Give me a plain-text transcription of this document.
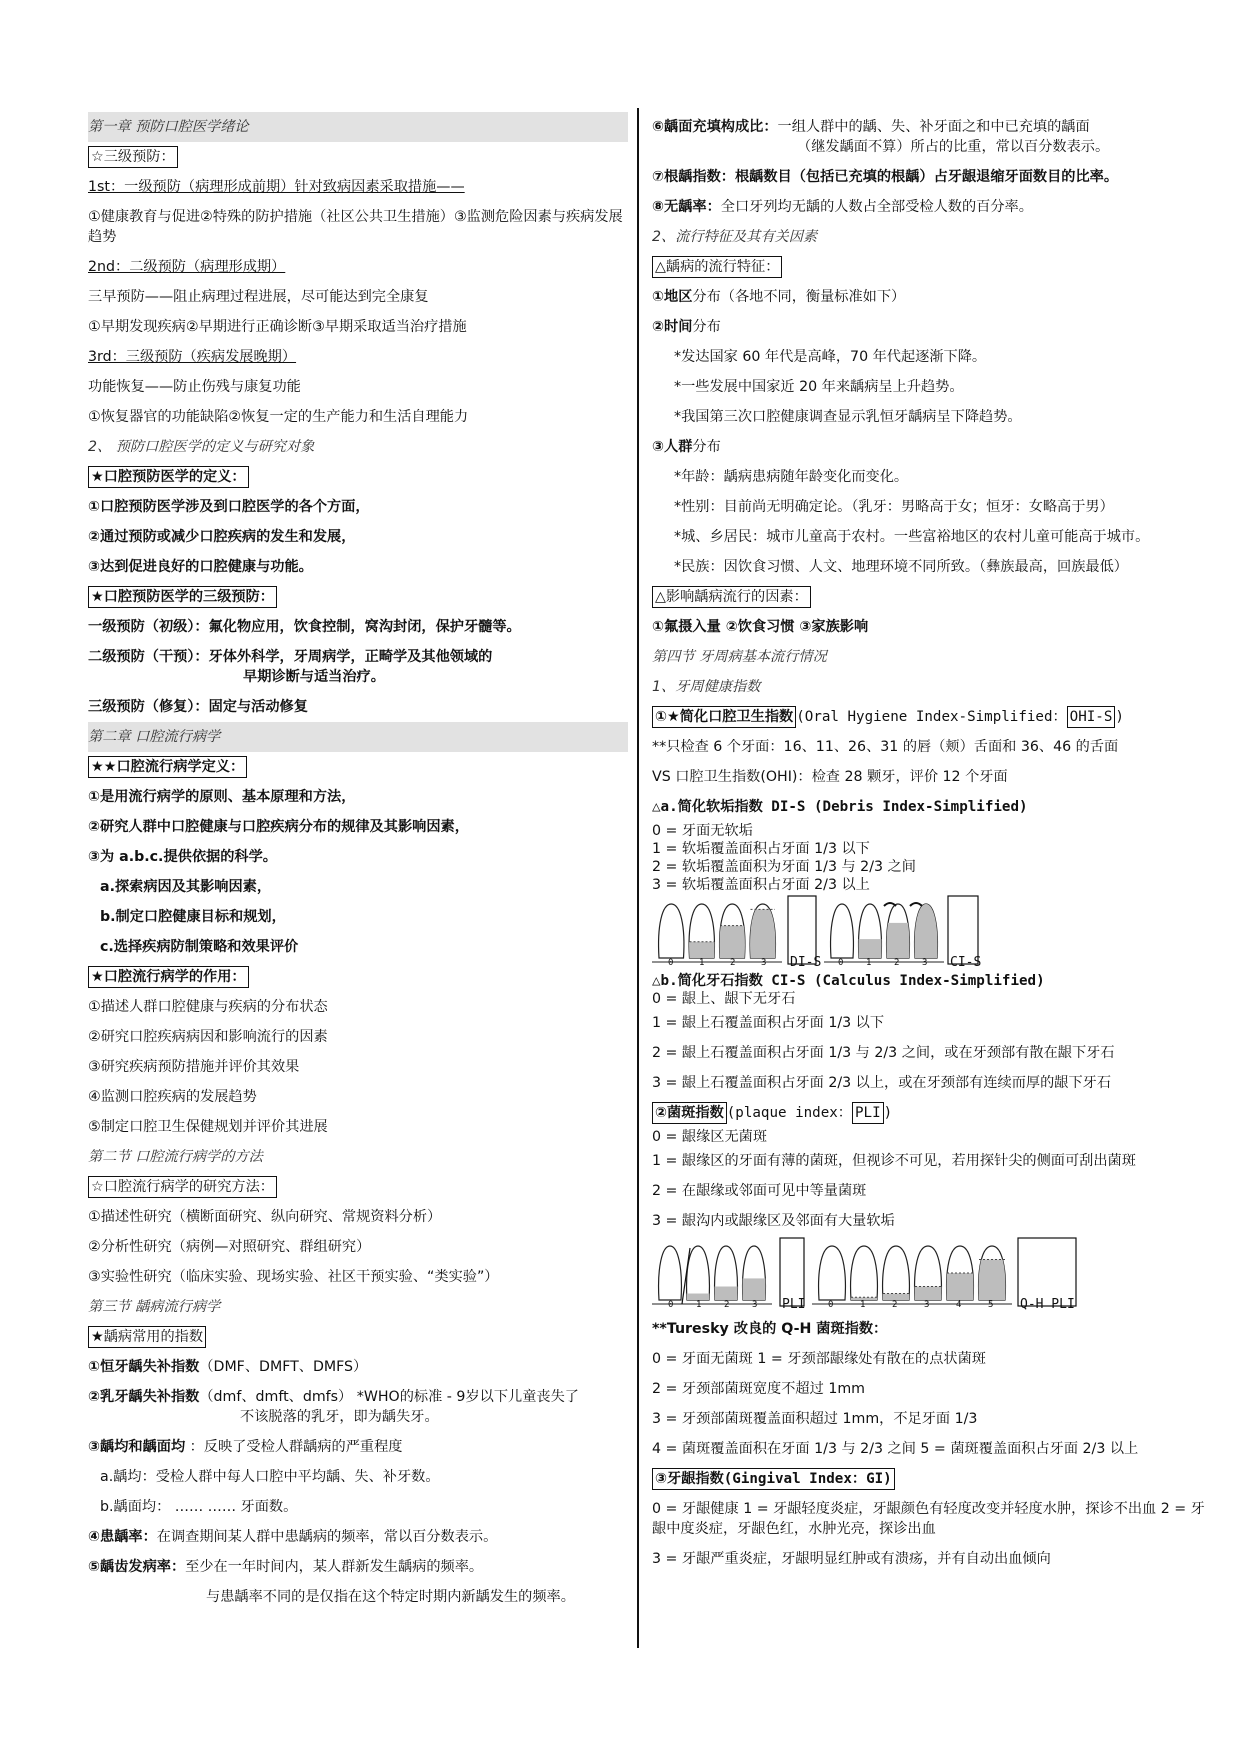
第一章 预防口腔医学绪论
☆三级预防：
1st：一级预防（病理形成前期）针对致病因素采取措施——
①健康教育与促进②特殊的防护措施（社区公共卫生措施）③监测危险因素与疾病发展趋势
2nd：二级预防（病理形成期）
三早预防——阻止病理过程进展，尽可能达到完全康复
①早期发现疾病②早期进行正确诊断③早期采取适当治疗措施
3rd：三级预防（疾病发展晚期）
功能恢复——防止伤残与康复功能
①恢复器官的功能缺陷②恢复一定的生产能力和生活自理能力
2、 预防口腔医学的定义与研究对象
★口腔预防医学的定义：
①口腔预防医学涉及到口腔医学的各个方面，
②通过预防或减少口腔疾病的发生和发展，
③达到促进良好的口腔健康与功能。
★口腔预防医学的三级预防：
一级预防（初级）：氟化物应用，饮食控制，窝沟封闭，保护牙髓等。
二级预防（干预）：牙体外科学，牙周病学，正畸学及其他领域的
早期诊断与适当治疗。
三级预防（修复）：固定与活动修复
第二章 口腔流行病学
★★口腔流行病学定义：
①是用流行病学的原则、基本原理和方法，
②研究人群中口腔健康与口腔疾病分布的规律及其影响因素，
③为 a.b.c.提供依据的科学。
a.探索病因及其影响因素，
b.制定口腔健康目标和规划，
c.选择疾病防制策略和效果评价
★口腔流行病学的作用：
①描述人群口腔健康与疾病的分布状态
②研究口腔疾病病因和影响流行的因素
③研究疾病预防措施并评价其效果
④监测口腔疾病的发展趋势
⑤制定口腔卫生保健规划并评价其进展
第二节 口腔流行病学的方法
☆口腔流行病学的研究方法：
①描述性研究（横断面研究、纵向研究、常规资料分析）
②分析性研究（病例—对照研究、群组研究）
③实验性研究（临床实验、现场实验、社区干预实验、“类实验”）
第三节 龋病流行病学
★龋病常用的指数
①恒牙龋失补指数（DMF、DMFT、DMFS）
②乳牙龋失补指数（dmf、dmft、dmfs） *WHO的标准 - 9岁以下儿童丧失了
不该脱落的乳牙，即为龋失牙。
③龋均和龋面均 ：反映了受检人群龋病的严重程度
a.龋均：受检人群中每人口腔中平均龋、失、补牙数。
b.龋面均： …… …… 牙面数。
④患龋率：在调查期间某人群中患龋病的频率，常以百分数表示。
⑤龋齿发病率：至少在一年时间内，某人群新发生龋病的频率。
与患龋率不同的是仅指在这个特定时期内新龋发生的频率。
⑥龋面充填构成比：一组人群中的龋、失、补牙面之和中已充填的龋面
（继发龋面不算）所占的比重，常以百分数表示。
⑦根龋指数：根龋数目（包括已充填的根龋）占牙龈退缩牙面数目的比率。
⑧无龋率：全口牙列均无龋的人数占全部受检人数的百分率。
2、流行特征及其有关因素
△龋病的流行特征：
①地区分布（各地不同，衡量标准如下）
②时间分布
*发达国家 60 年代是高峰，70 年代起逐渐下降。
*一些发展中国家近 20 年来龋病呈上升趋势。
*我国第三次口腔健康调查显示乳恒牙龋病呈下降趋势。
③人群分布
*年龄：龋病患病随年龄变化而变化。
*性别：目前尚无明确定论。（乳牙：男略高于女；恒牙：女略高于男）
*城、乡居民：城市儿童高于农村。一些富裕地区的农村儿童可能高于城市。
*民族：因饮食习惯、人文、地理环境不同所致。（彝族最高，回族最低）
△影响龋病流行的因素：
①氟摄入量 ②饮食习惯 ③家族影响
第四节 牙周病基本流行情况
1、牙周健康指数
①★简化口腔卫生指数 (Oral Hygiene Index-Simplified： OHI-S )
**只检查 6 个牙面：16、11、26、31 的唇（颊）舌面和 36、46 的舌面
VS 口腔卫生指数(OHI)：检查 28 颗牙，评价 12 个牙面
△a.简化软垢指数 DI-S (Debris Index-Simplified)
0 = 牙面无软垢
1 = 软垢覆盖面积占牙面 1/3 以下
2 = 软垢覆盖面积为牙面 1/3 与 2/3 之间
3 = 软垢覆盖面积占牙面 2/3 以上
DI-S	CI-S
0	1	2	3	0	1	2	3
△b.简化牙石指数 CI-S (Calculus Index-Simplified)
0 = 龈上、龈下无牙石
1 = 龈上石覆盖面积占牙面 1/3 以下
2 = 龈上石覆盖面积占牙面 1/3 与 2/3 之间，或在牙颈部有散在龈下牙石
3 = 龈上石覆盖面积占牙面 2/3 以上，或在牙颈部有连续而厚的龈下牙石
②菌斑指数 (plaque index： PLI )
0 = 龈缘区无菌斑
1 = 龈缘区的牙面有薄的菌斑，但视诊不可见，若用探针尖的侧面可刮出菌斑
2 = 在龈缘或邻面可见中等量菌斑
3 = 龈沟内或龈缘区及邻面有大量软垢
PLI	Q-H PLI
0	1	2	3	0	1	2	3	4	5
**Turesky 改良的 Q-H 菌斑指数：
0 = 牙面无菌斑 1 = 牙颈部龈缘处有散在的点状菌斑
2 = 牙颈部菌斑宽度不超过 1mm
3 = 牙颈部菌斑覆盖面积超过 1mm，不足牙面 1/3
4 = 菌斑覆盖面积在牙面 1/3 与 2/3 之间 5 = 菌斑覆盖面积占牙面 2/3 以上
③牙龈指数(Gingival Index：GI)
0 = 牙龈健康 1 = 牙龈轻度炎症，牙龈颜色有轻度改变并轻度水肿，探诊不出血 2 = 牙龈中度炎症，牙龈色红，水肿光亮，探诊出血
3 = 牙龈严重炎症，牙龈明显红肿或有溃疡，并有自动出血倾向
